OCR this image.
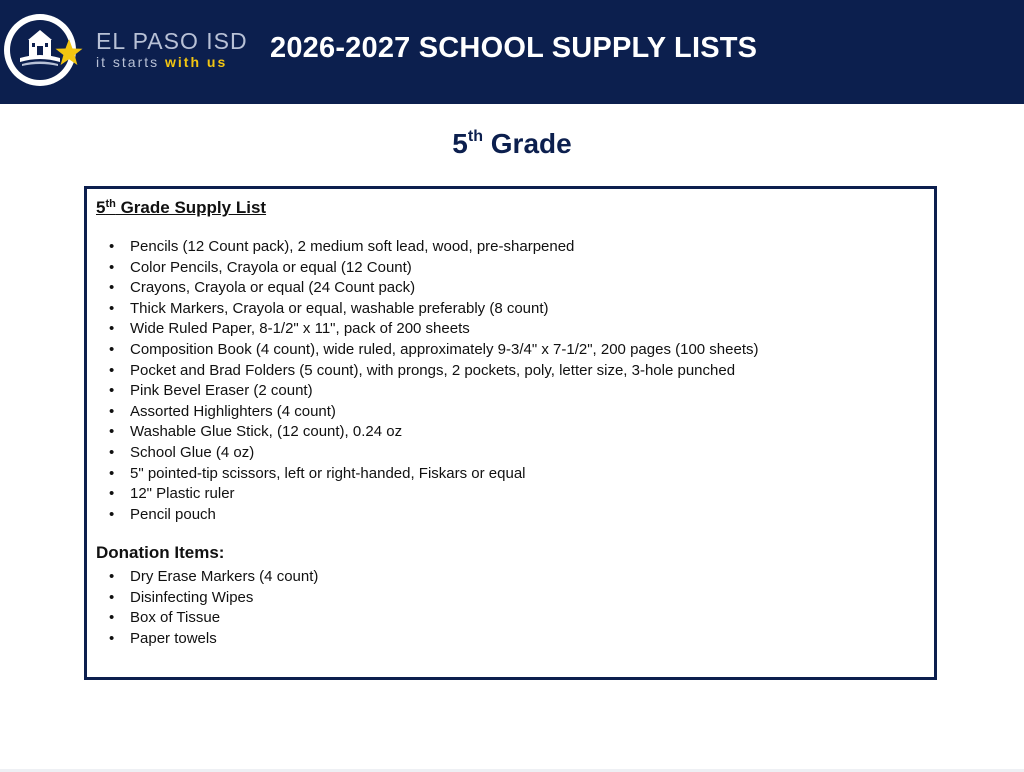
EL PASO ISD
it starts with us 2026-2027 SCHOOL SUPPLY LISTS
5th Grade
5th Grade Supply List
• Pencils (12 Count pack), 2 medium soft lead, wood, pre-sharpened
• Color Pencils, Crayola or equal (12 Count)
• Crayons, Crayola or equal (24 Count pack)
• Thick Markers, Crayola or equal, washable preferably (8 count)
• Wide Ruled Paper, 8-1/2" x 11", pack of 200 sheets
• Composition Book (4 count), wide ruled, approximately 9-3/4" x 7-1/2", 200 pages (100 sheets)
• Pocket and Brad Folders (5 count), with prongs, 2 pockets, poly, letter size, 3-hole punched
• Pink Bevel Eraser (2 count)
• Assorted Highlighters (4 count)
• Washable Glue Stick, (12 count), 0.24 oz
• School Glue (4 oz)
• 5" pointed-tip scissors, left or right-handed, Fiskars or equal
• 12" Plastic ruler
• Pencil pouch
Donation Items:
• Dry Erase Markers (4 count)
• Disinfecting Wipes
• Box of Tissue
• Paper towels
